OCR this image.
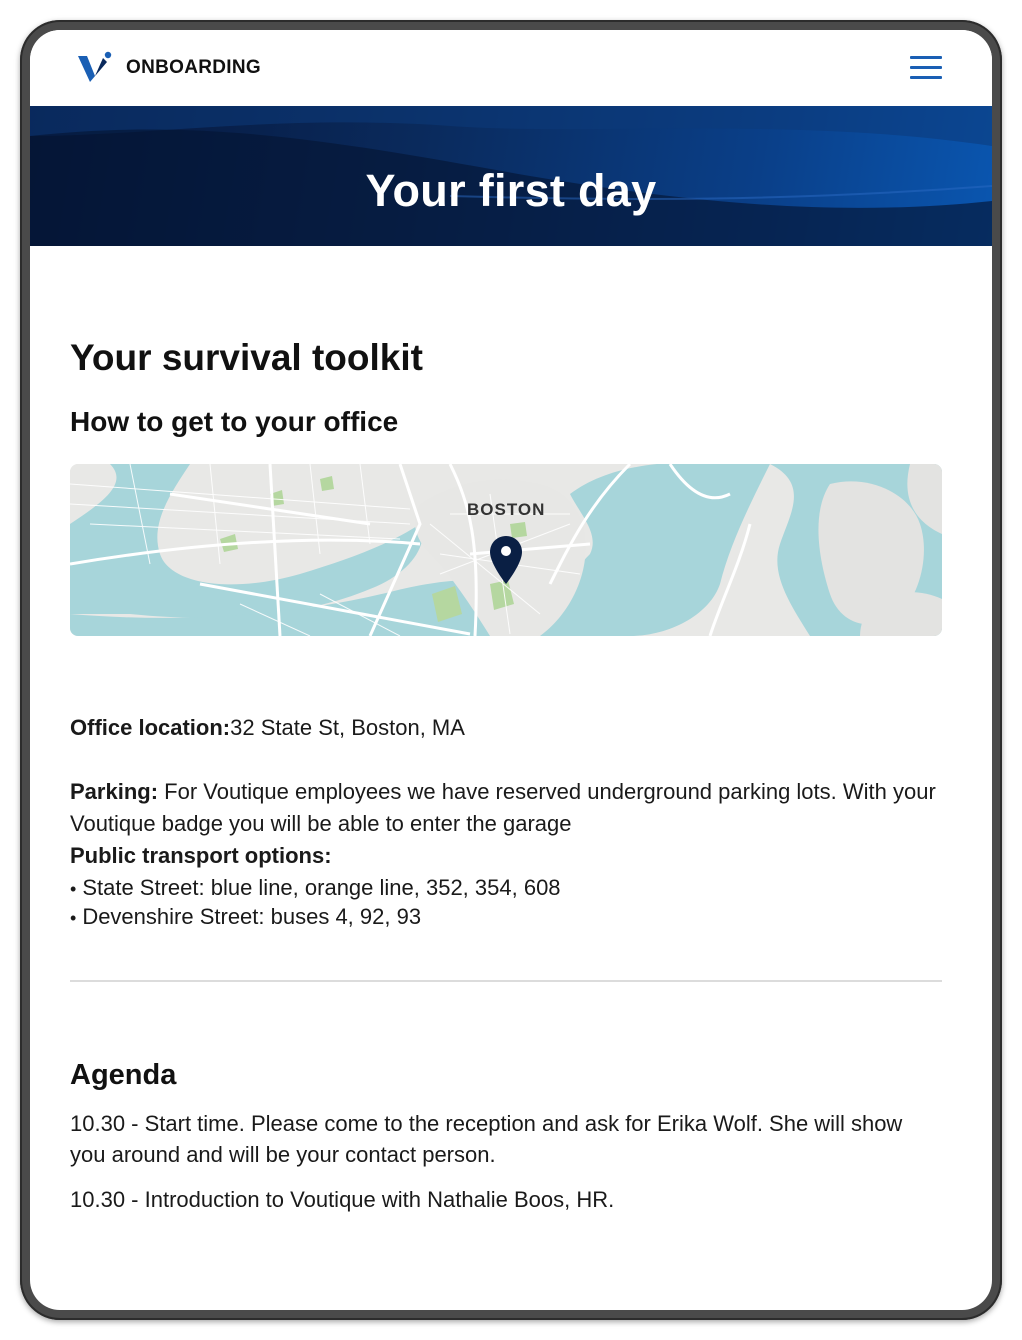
ONBOARDING
Your first day
Your survival toolkit
How to get to your office
BOSTON
Office location:32 State St, Boston, MA
Parking: For Voutique employees we have reserved underground parking lots. With your Voutique badge you will be able to enter the garage
Public transport options:
• State Street: blue line, orange line, 352, 354, 608
• Devenshire Street: buses 4, 92, 93
Agenda
10.30 - Start time. Please come to the reception and ask for Erika Wolf. She will show you around and will be your contact person.
10.30 - Introduction to Voutique with Nathalie Boos, HR.
